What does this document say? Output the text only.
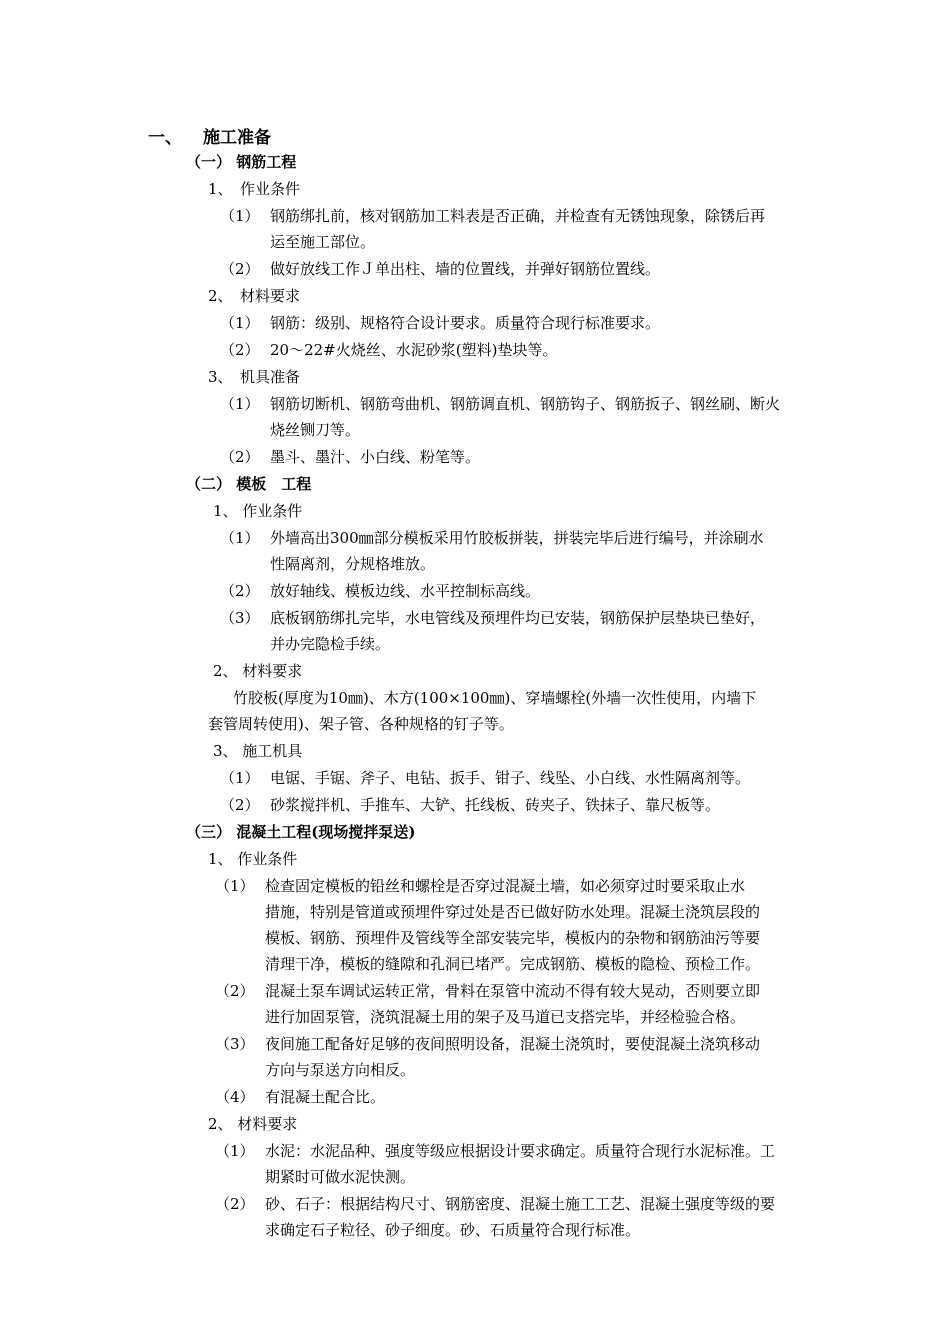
一、 施工准备
（一） 钢筋工程
1、　作业条件
（1） 钢筋绑扎前，核对钢筋加工料表是否正确，并检查有无锈蚀现象，除锈后再
运至施工部位。
（2） 做好放线工作Ｊ单出柱、墙的位置线，并弹好钢筋位置线。
2、　材料要求
（1） 钢筋：级别、规格符合设计要求。质量符合现行标准要求。
（2） 20～22#火烧丝、水泥砂浆(塑料)垫块等。
3、　机具准备
（1） 钢筋切断机、钢筋弯曲机、钢筋调直机、钢筋钩子、钢筋扳子、钢丝刷、断火
烧丝铡刀等。
（2） 墨斗、墨汁、小白线、粉笔等。
（二） 模板　工程
1、 作业条件
（1） 外墙高出300㎜部分模板采用竹胶板拼装，拼装完毕后进行编号，并涂刷水
性隔离剂，分规格堆放。
（2） 放好轴线、模板边线、水平控制标高线。
（3） 底板钢筋绑扎完毕，水电管线及预埋件均已安装，钢筋保护层垫块已垫好，
并办完隐检手续。
2、 材料要求
竹胶板(厚度为10㎜)、木方(100×100㎜)、穿墙螺栓(外墙一次性使用，内墙下
套管周转使用)、架子管、各种规格的钉子等。
3、 施工机具
（1） 电锯、手锯、斧子、电钻、扳手、钳子、线坠、小白线、水性隔离剂等。
（2） 砂浆搅拌机、手推车、大铲、托线板、砖夹子、铁抹子、靠尺板等。
（三） 混凝土工程(现场搅拌泵送)
1、 作业条件
（1） 检查固定模板的铅丝和螺栓是否穿过混凝土墙，如必须穿过时要采取止水
措施，特别是管道或预埋件穿过处是否已做好防水处理。混凝土浇筑层段的
模板、钢筋、预埋件及管线等全部安装完毕，模板内的杂物和钢筋油污等要
清理干净，模板的缝隙和孔洞已堵严。完成钢筋、模板的隐检、预检工作。
（2） 混凝土泵车调试运转正常，骨料在泵管中流动不得有较大晃动，否则要立即
进行加固泵管，浇筑混凝土用的架子及马道已支搭完毕，并经检验合格。
（3） 夜间施工配备好足够的夜间照明设备，混凝土浇筑时，要使混凝土浇筑移动
方向与泵送方向相反。
（4） 有混凝土配合比。
2、 材料要求
（1） 水泥：水泥品种、强度等级应根据设计要求确定。质量符合现行水泥标准。工
期紧时可做水泥快测。
（2） 砂、石子：根据结构尺寸、钢筋密度、混凝土施工工艺、混凝土强度等级的要
求确定石子粒径、砂子细度。砂、石质量符合现行标准。
